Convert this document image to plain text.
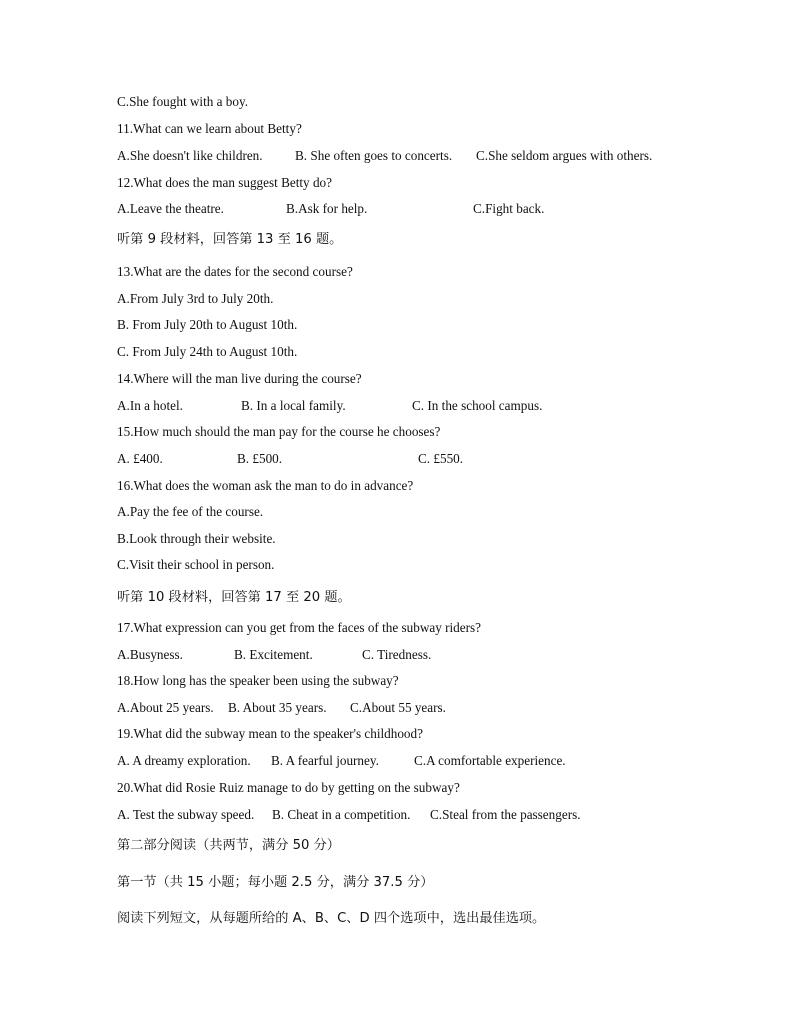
C.She fought with a boy.
11.What can we learn about Betty?
A.She doesn't like children. B. She often goes to concerts. C.She seldom argues with others.
12.What does the man suggest Betty do?
A.Leave the theatre.	B.Ask for help.	C.Fight back.
听第 9 段材料，回答第 13 至 16 题。
13.What are the dates for the second course?
A.From July 3rd to July 20th.
B. From July 20th to August 10th.
C. From July 24th to August 10th.
14.Where will the man live during the course?
A.In a hotel.	B. In a local family.	C. In the school campus.
15.How much should the man pay for the course he chooses?
A. £400.	B. £500.	C. £550.
16.What does the woman ask the man to do in advance?
A.Pay the fee of the course.
B.Look through their website.
C.Visit their school in person.
听第 10 段材料，回答第 17 至 20 题。
17.What expression can you get from the faces of the subway riders?
A.Busyness.	B. Excitement.	C. Tiredness.
18.How long has the speaker been using the subway?
A.About 25 years. B. About 35 years. C.About 55 years.
19.What did the subway mean to the speaker's childhood?
A. A dreamy exploration. B. A fearful journey.	C.A comfortable experience.
20.What did Rosie Ruiz manage to do by getting on the subway?
A. Test the subway speed. B. Cheat in a competition. C.Steal from the passengers.
第二部分阅读（共两节，满分 50 分）
第一节（共 15 小题；每小题 2.5 分，满分 37.5 分）
阅读下列短文，从每题所给的 A、B、C、D 四个选项中，选出最佳选项。
